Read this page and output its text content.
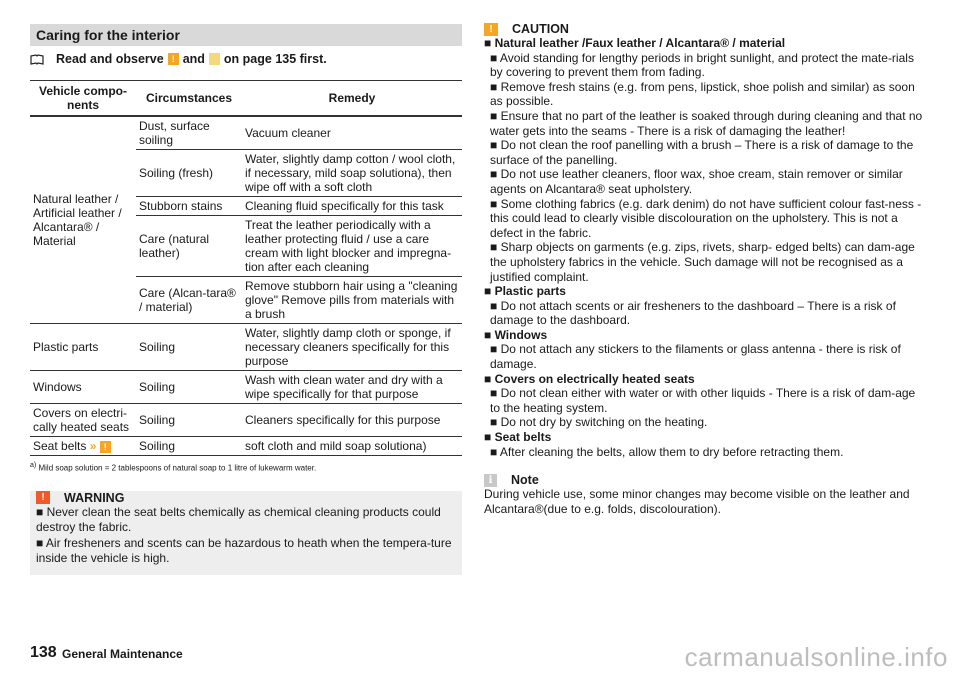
Caring for the interior
Read and observe ! and on page 135 first.
Vehicle compo-nents	Circumstances	Remedy
Natural leather / Artificial leather / Alcantara® / Material	Dust, surface soiling	Vacuum cleaner
	Soiling (fresh)	Water, slightly damp cotton / wool cloth, if necessary, mild soap solutiona), then wipe off with a soft cloth
	Stubborn stains	Cleaning fluid specifically for this task
	Care (natural leather)	Treat the leather periodically with a leather protecting fluid / use a care cream with light blocker and impregna-tion after each cleaning
	Care (Alcan-tara® / material)	Remove stubborn hair using a "cleaning glove" Remove pills from materials with a brush
Plastic parts	Soiling	Water, slightly damp cloth or sponge, if necessary cleaners specifically for this purpose
Windows	Soiling	Wash with clean water and dry with a wipe specifically for that purpose
Covers on electri-cally heated seats	Soiling	Cleaners specifically for this purpose
Seat belts » !	Soiling	soft cloth and mild soap solutiona)
$^{a)}$ Mild soap solution = 2 tablespoons of natural soap to 1 litre of lukewarm water.
!	WARNING
■ Never clean the seat belts chemically as chemical cleaning products could destroy the fabric.
■ Air fresheners and scents can be hazardous to heath when the tempera-ture inside the vehicle is high.
!	CAUTION
■ Natural leather /Faux leather / Alcantara® / material
■ Avoid standing for lengthy periods in bright sunlight, and protect the mate-rials by covering to prevent them from fading.
■ Remove fresh stains (e.g. from pens, lipstick, shoe polish and similar) as soon as possible.
■ Ensure that no part of the leather is soaked through during cleaning and that no water gets into the seams - There is a risk of damaging the leather!
■ Do not clean the roof panelling with a brush – There is a risk of damage to the surface of the panelling.
■ Do not use leather cleaners, floor wax, shoe cream, stain remover or similar agents on Alcantara® seat upholstery.
■ Some clothing fabrics (e.g. dark denim) do not have sufficient colour fast-ness - this could lead to clearly visible discolouration on the upholstery. This is not a defect in the fabric.
■ Sharp objects on garments (e.g. zips, rivets, sharp- edged belts) can dam-age the upholstery fabrics in the vehicle. Such damage will not be recognised as a justified complaint.
■ Plastic parts
■ Do not attach scents or air fresheners to the dashboard – There is a risk of damage to the dashboard.
■ Windows
■ Do not attach any stickers to the filaments or glass antenna - there is risk of damage.
■ Covers on electrically heated seats
■ Do not clean either with water or with other liquids - There is a risk of dam-age to the heating system.
■ Do not dry by switching on the heating.
■ Seat belts
■ After cleaning the belts, allow them to dry before retracting them.
i	Note
During vehicle use, some minor changes may become visible on the leather and Alcantara®(due to e.g. folds, discolouration).
138 General Maintenance	carmanualsonline.info
